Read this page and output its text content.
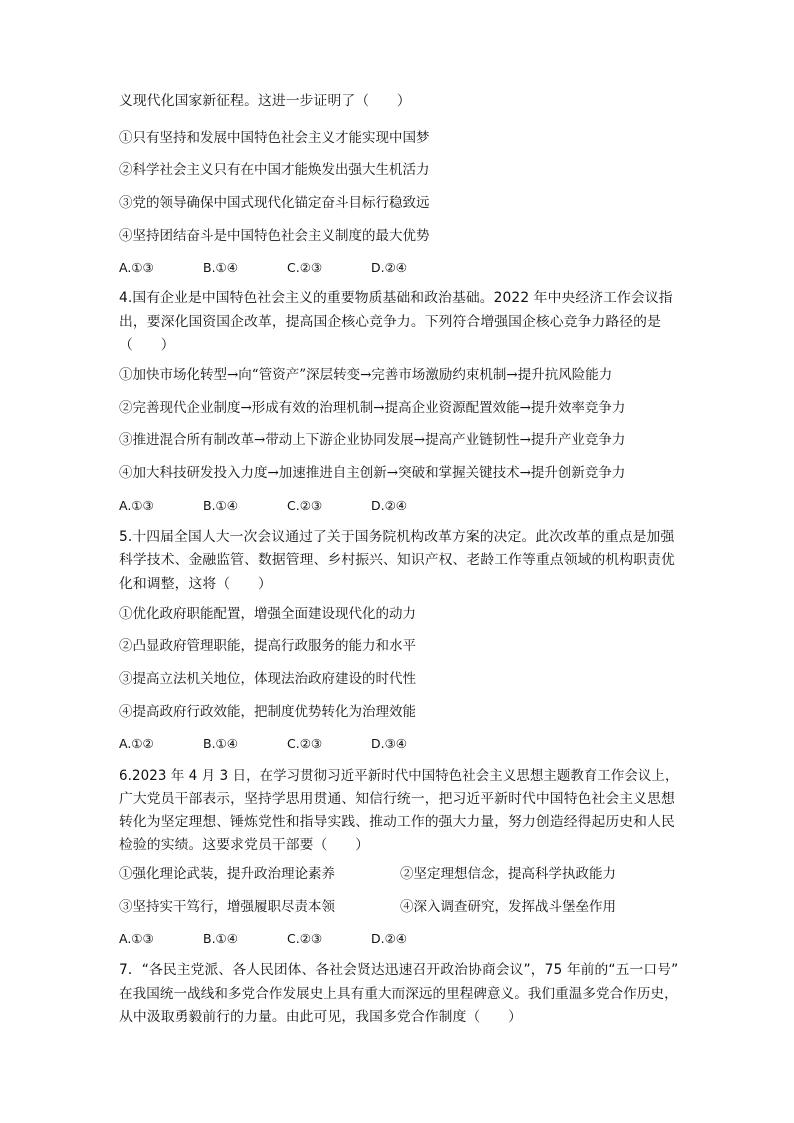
义现代化国家新征程。这进一步证明了（　　）
①只有坚持和发展中国特色社会主义才能实现中国梦
②科学社会主义只有在中国才能焕发出强大生机活力
③党的领导确保中国式现代化锚定奋斗目标行稳致远
④坚持团结奋斗是中国特色社会主义制度的最大优势
A.①③	B.①④	C.②③	D.②④
4.国有企业是中国特色社会主义的重要物质基础和政治基础。2022 年中央经济工作会议指
出，要深化国资国企改革，提高国企核心竞争力。下列符合增强国企核心竞争力路径的是
（　　）
①加快市场化转型→向“管资产”深层转变→完善市场激励约束机制→提升抗风险能力
②完善现代企业制度→形成有效的治理机制→提高企业资源配置效能→提升效率竞争力
③推进混合所有制改革→带动上下游企业协同发展→提高产业链韧性→提升产业竞争力
④加大科技研发投入力度→加速推进自主创新→突破和掌握关键技术→提升创新竞争力
A.①③	B.①④	C.②③	D.②④
5.十四届全国人大一次会议通过了关于国务院机构改革方案的决定。此次改革的重点是加强
科学技术、金融监管、数据管理、乡村振兴、知识产权、老龄工作等重点领域的机构职责优
化和调整，这将（　　）
①优化政府职能配置，增强全面建设现代化的动力
②凸显政府管理职能，提高行政服务的能力和水平
③提高立法机关地位，体现法治政府建设的时代性
④提高政府行政效能，把制度优势转化为治理效能
A.①②	B.①④	C.②③	D.③④
6.2023 年 4 月 3 日，在学习贯彻习近平新时代中国特色社会主义思想主题教育工作会议上，
广大党员干部表示，坚持学思用贯通、知信行统一，把习近平新时代中国特色社会主义思想
转化为坚定理想、锤炼党性和指导实践、推动工作的强大力量，努力创造经得起历史和人民
检验的实绩。这要求党员干部要（　　）
①强化理论武装，提升政治理论素养	②坚定理想信念，提高科学执政能力
③坚持实干笃行，增强履职尽责本领	④深入调查研究，发挥战斗堡垒作用
A.①③	B.①④	C.②③	D.②④
7．“各民主党派、各人民团体、各社会贤达迅速召开政治协商会议”，75 年前的“五一口号”
在我国统一战线和多党合作发展史上具有重大而深远的里程碑意义。我们重温多党合作历史，
从中汲取勇毅前行的力量。由此可见，我国多党合作制度（　　）
